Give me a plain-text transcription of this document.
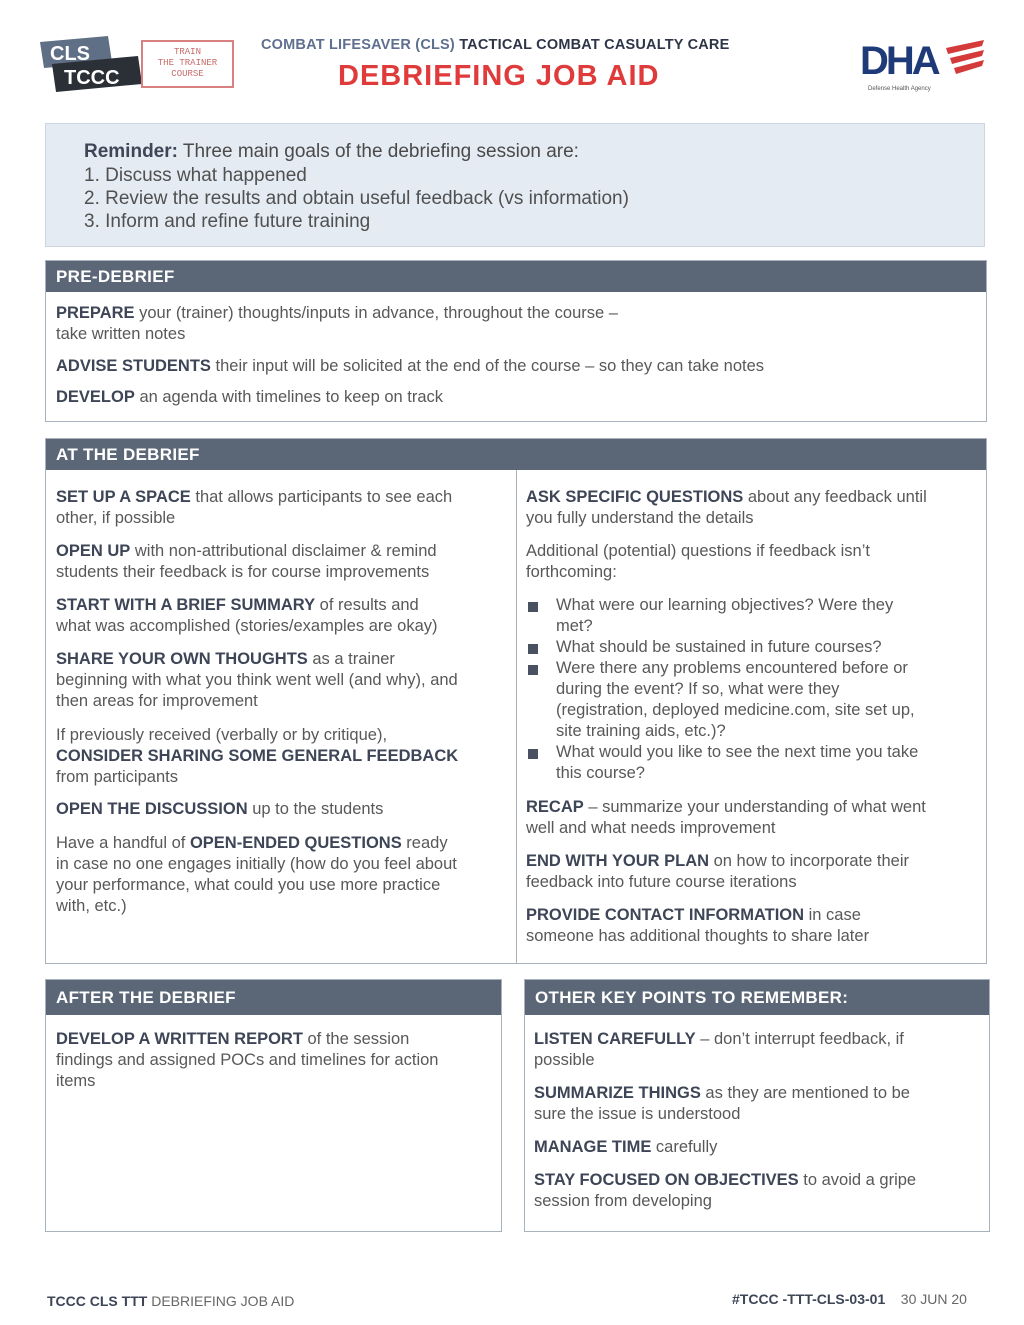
CLS
TCCC
TRAIN
THE TRAINER
COURSE
COMBAT LIFESAVER (CLS) TACTICAL COMBAT CASUALTY CARE
DEBRIEFING JOB AID	DHA
Defense Health Agency
Reminder: Three main goals of the debriefing session are:
1. Discuss what happened
2. Review the results and obtain useful feedback (vs information)
3. Inform and refine future training
PRE-DEBRIEF
PREPARE your (trainer) thoughts/inputs in advance, throughout the course –
take written notes
ADVISE STUDENTS their input will be solicited at the end of the course – so they can take notes
DEVELOP an agenda with timelines to keep on track
AT THE DEBRIEF
SET UP A SPACE that allows participants to see each
other, if possible
OPEN UP with non-attributional disclaimer & remind
students their feedback is for course improvements
START WITH A BRIEF SUMMARY of results and
what was accomplished (stories/examples are okay)
SHARE YOUR OWN THOUGHTS as a trainer
beginning with what you think went well (and why), and
then areas for improvement
If previously received (verbally or by critique),
CONSIDER SHARING SOME GENERAL FEEDBACK
from participants
OPEN THE DISCUSSION up to the students
Have a handful of OPEN-ENDED QUESTIONS ready
in case no one engages initially (how do you feel about
your performance, what could you use more practice
with, etc.)
ASK SPECIFIC QUESTIONS about any feedback until
you fully understand the details
Additional (potential) questions if feedback isn’t
forthcoming:
What were our learning objectives? Were they
met?
What should be sustained in future courses?
Were there any problems encountered before or
during the event? If so, what were they
(registration, deployed medicine.com, site set up,
site training aids, etc.)?
What would you like to see the next time you take
this course?
RECAP – summarize your understanding of what went
well and what needs improvement
END WITH YOUR PLAN on how to incorporate their
feedback into future course iterations
PROVIDE CONTACT INFORMATION in case
someone has additional thoughts to share later
AFTER THE DEBRIEF
DEVELOP A WRITTEN REPORT of the session
findings and assigned POCs and timelines for action
items
OTHER KEY POINTS TO REMEMBER:
LISTEN CAREFULLY – don’t interrupt feedback, if
possible
SUMMARIZE THINGS as they are mentioned to be
sure the issue is understood
MANAGE TIME carefully
STAY FOCUSED ON OBJECTIVES to avoid a gripe
session from developing
TCCC CLS TTT DEBRIEFING JOB AID	#TCCC -TTT-CLS-03-01 30 JUN 20
